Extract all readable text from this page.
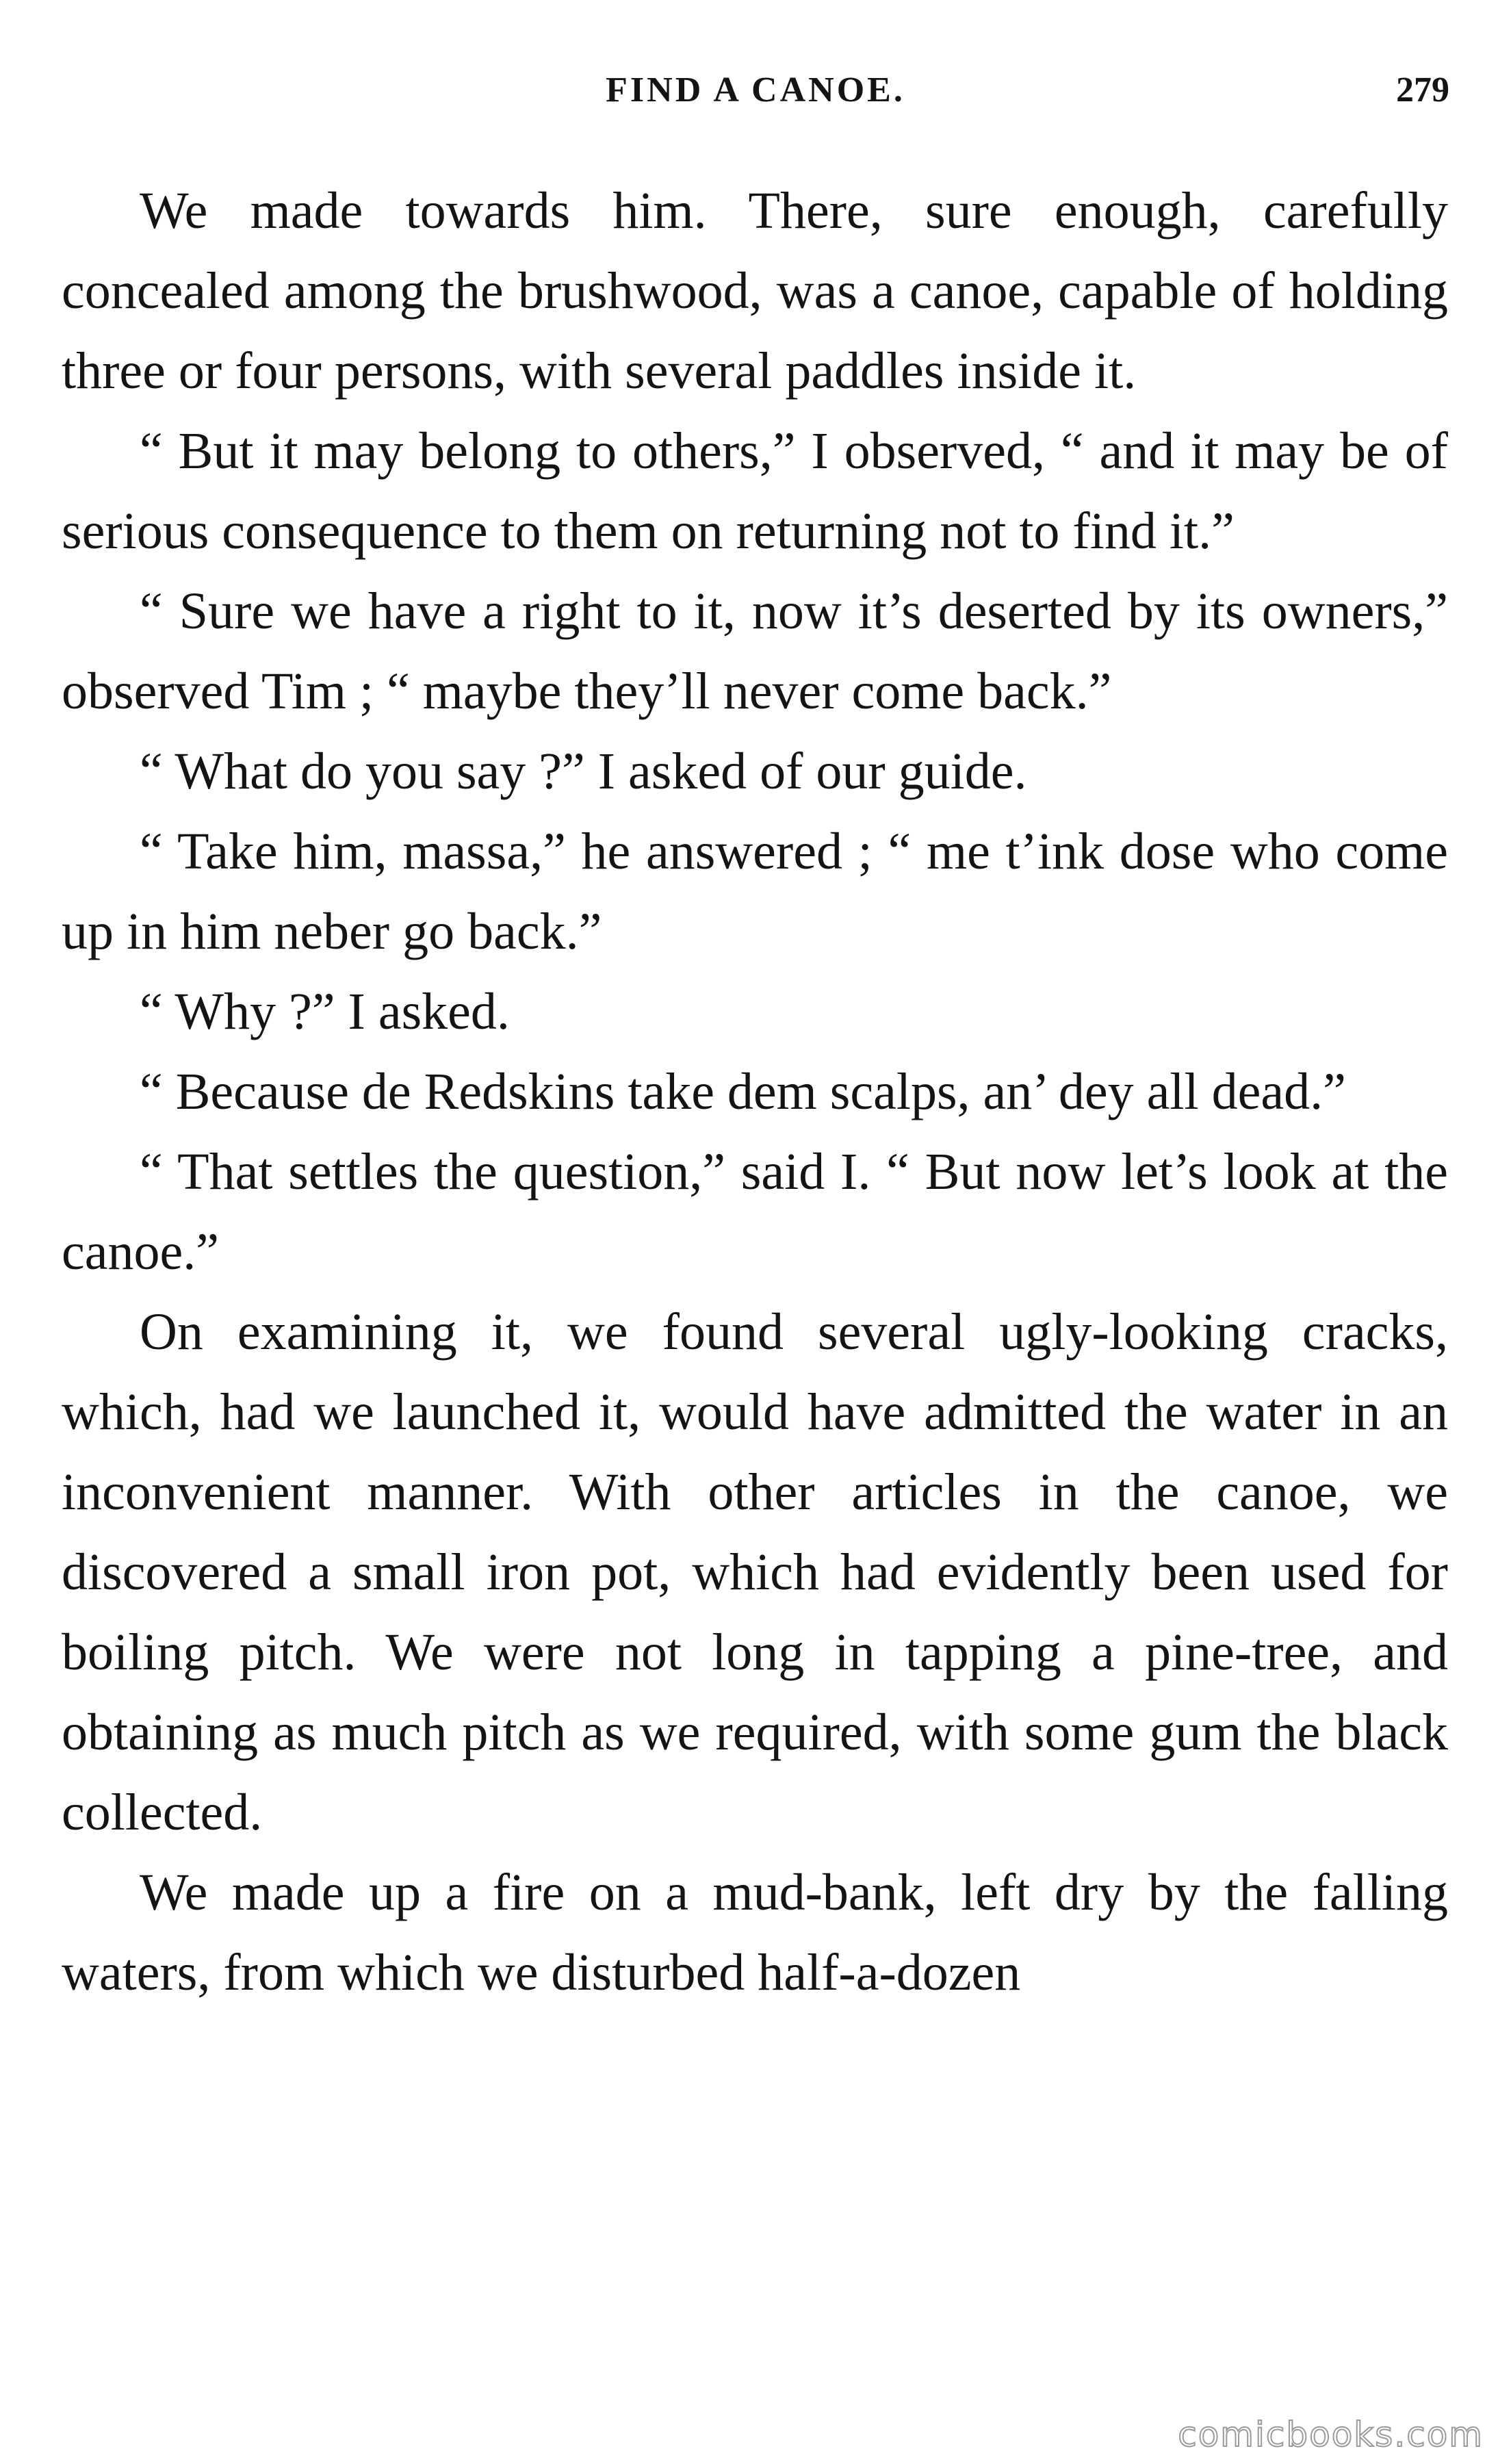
FIND A CANOE.	279

We made towards him. There, sure enough, carefully concealed among the brushwood, was a canoe, capable of holding three or four persons, with several paddles inside it.

“ But it may belong to others,” I observed, “ and it may be of serious consequence to them on returning not to find it.”

“ Sure we have a right to it, now it’s deserted by its owners,” observed Tim ; “ maybe they’ll never come back.”

“ What do you say ?” I asked of our guide.

“ Take him, massa,” he answered ; “ me t’ink dose who come up in him neber go back.”

“ Why ?” I asked.

“ Because de Redskins take dem scalps, an’ dey all dead.”

“ That settles the question,” said I. “ But now let’s look at the canoe.”

On examining it, we found several ugly-looking cracks, which, had we launched it, would have admitted the water in an inconvenient manner. With other articles in the canoe, we discovered a small iron pot, which had evidently been used for boiling pitch. We were not long in tapping a pine-tree, and obtaining as much pitch as we required, with some gum the black collected.

We made up a fire on a mud-bank, left dry by the falling waters, from which we disturbed half-a-dozen

comicbooks.com
